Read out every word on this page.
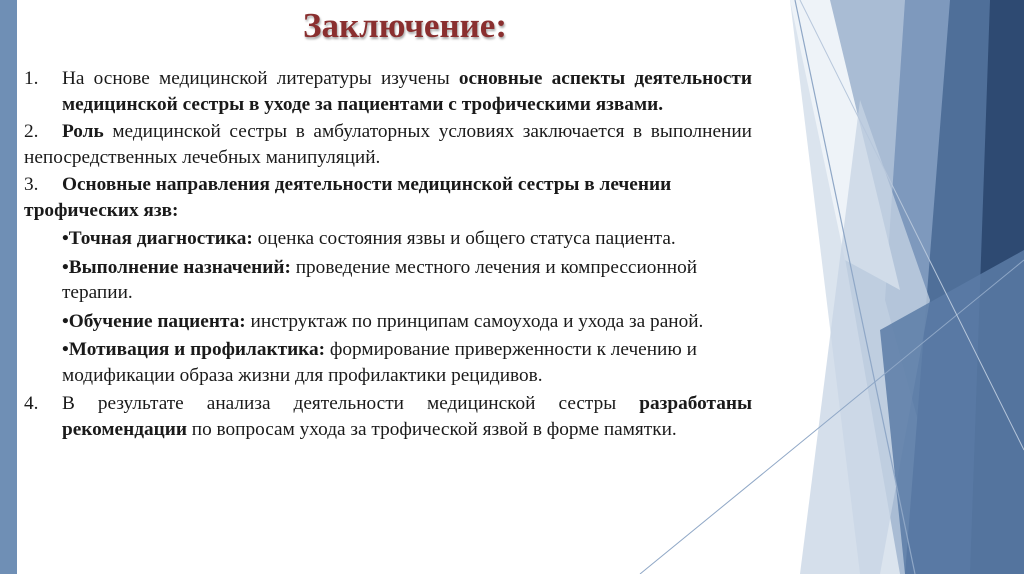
Заключение:
1.	На основе медицинской литературы изучены основные аспекты деятельности медицинской сестры в уходе за пациентами с трофическими язвами.
2. Роль медицинской сестры в амбулаторных условиях заключается в выполнении непосредственных лечебных манипуляций.
3. Основные направления деятельности медицинской сестры в лечении трофических язв:
•Точная диагностика: оценка состояния язвы и общего статуса пациента.
•Выполнение назначений: проведение местного лечения и компрессионной терапии.
•Обучение пациента: инструктаж по принципам самоухода и ухода за раной.
•Мотивация и профилактика: формирование приверженности к лечению и модификации образа жизни для профилактики рецидивов.
4.	В результате анализа деятельности медицинской сестры разработаны рекомендации по вопросам ухода за трофической язвой в форме памятки.
